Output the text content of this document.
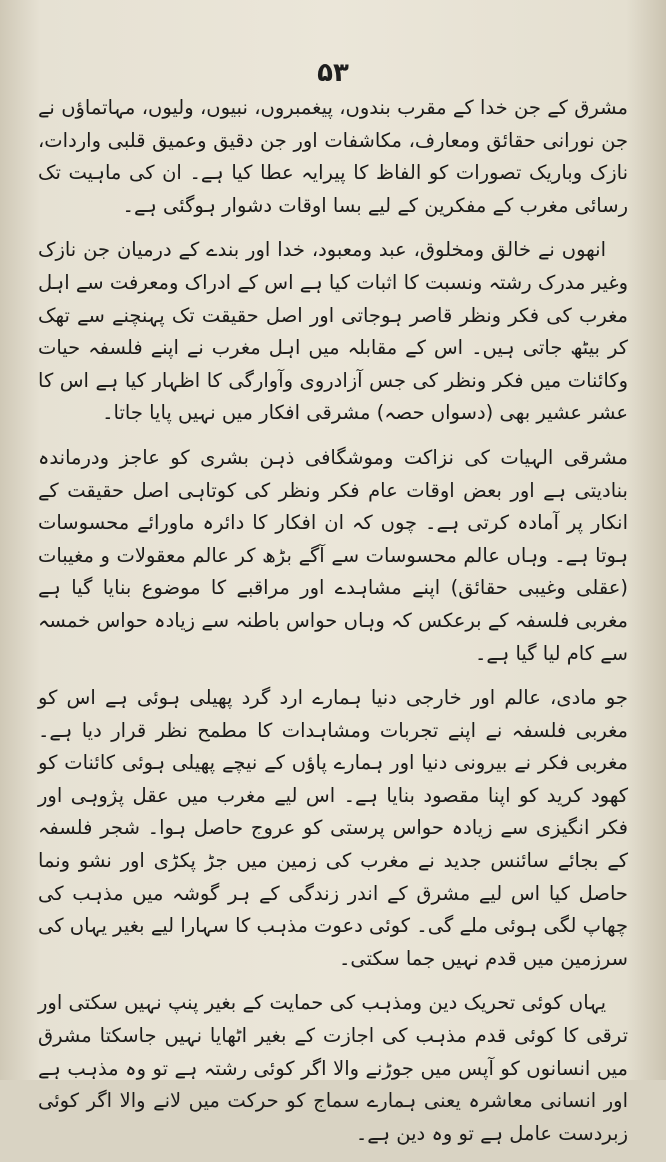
۵۳

مشرق کے جن خدا کے مقرب بندوں، پیغمبروں، نبیوں، ولیوں، مہاتماؤں نے جن نورانی حقائق ومعارف، مکاشفات اور جن دقیق وعمیق قلبی واردات، نازک وباریک تصورات کو الفاظ کا پیرایہ عطا کیا ہے۔ ان کی ماہیت تک رسائی مغرب کے مفکرین کے لیے بسا اوقات دشوار ہوگئی ہے۔

انھوں نے خالق ومخلوق، عبد ومعبود، خدا اور بندے کے درمیان جن نازک وغیر مدرک رشتہ ونسبت کا اثبات کیا ہے اس کے ادراک ومعرفت سے اہل مغرب کی فکر ونظر قاصر ہوجاتی اور اصل حقیقت تک پہنچنے سے تھک کر بیٹھ جاتی ہیں۔ اس کے مقابلہ میں اہل مغرب نے اپنے فلسفہ حیات وکائنات میں فکر ونظر کی جس آزادروی وآوارگی کا اظہار کیا ہے اس کا عشر عشیر بھی (دسواں حصہ) مشرقی افکار میں نہیں پایا جاتا۔

مشرقی الہیات کی نزاکت وموشگافی ذہن بشری کو عاجز ودرماندہ بنادیتی ہے اور بعض اوقات عام فکر ونظر کی کوتاہی اصل حقیقت کے انکار پر آمادہ کرتی ہے۔ چوں کہ ان افکار کا دائرہ ماورائے محسوسات ہوتا ہے۔ وہاں عالم محسوسات سے آگے بڑھ کر عالم معقولات و مغیبات (عقلی وغیبی حقائق) اپنے مشاہدے اور مراقبے کا موضوع بنایا گیا ہے مغربی فلسفہ کے برعکس کہ وہاں حواس باطنہ سے زیادہ حواس خمسہ سے کام لیا گیا ہے۔

جو مادی، عالم اور خارجی دنیا ہمارے ارد گرد پھیلی ہوئی ہے اس کو مغربی فلسفہ نے اپنے تجربات ومشاہدات کا مطمح نظر قرار دیا ہے۔ مغربی فکر نے بیرونی دنیا اور ہمارے پاؤں کے نیچے پھیلی ہوئی کائنات کو کھود کرید کو اپنا مقصود بنایا ہے۔ اس لیے مغرب میں عقل پژوہی اور فکر انگیزی سے زیادہ حواس پرستی کو عروج حاصل ہوا۔ شجر فلسفہ کے بجائے سائنس جدید نے مغرب کی زمین میں جڑ پکڑی اور نشو ونما حاصل کیا اس لیے مشرق کے اندر زندگی کے ہر گوشہ میں مذہب کی چھاپ لگی ہوئی ملے گی۔ کوئی دعوت مذہب کا سہارا لیے بغیر یہاں کی سرزمین میں قدم نہیں جما سکتی۔

یہاں کوئی تحریک دین ومذہب کی حمایت کے بغیر پنپ نہیں سکتی اور ترقی کا کوئی قدم مذہب کی اجازت کے بغیر اٹھایا نہیں جاسکتا مشرق میں انسانوں کو آپس میں جوڑنے والا اگر کوئی رشتہ ہے تو وہ مذہب ہے اور انسانی معاشرہ یعنی ہمارے سماج کو حرکت میں لانے والا اگر کوئی زبردست عامل ہے تو وہ دین ہے۔
